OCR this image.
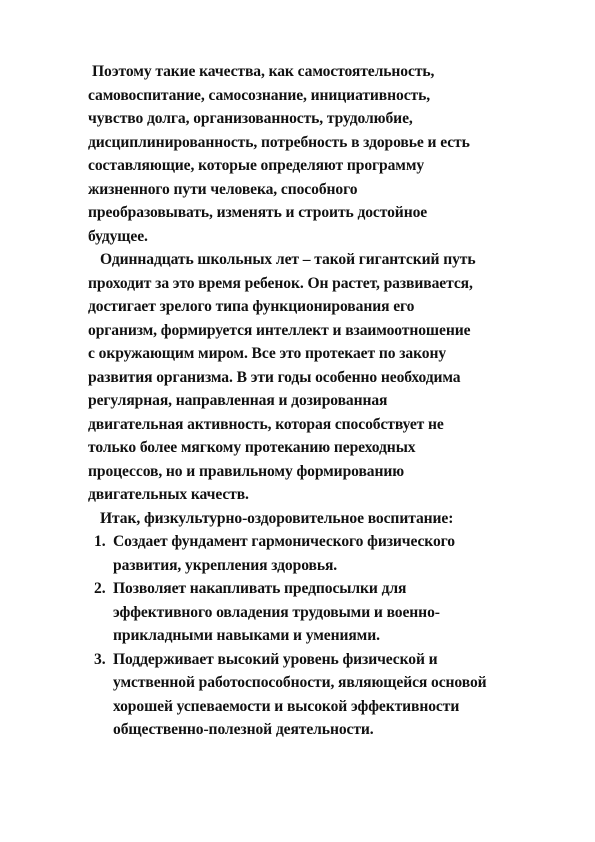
Поэтому такие качества, как самостоятельность,
самовоспитание, самосознание, инициативность,
чувство долга, организованность, трудолюбие,
дисциплинированность, потребность в здоровье и есть
составляющие, которые определяют программу
жизненного пути человека, способного
преобразовывать, изменять и строить достойное
будущее.
Одиннадцать школьных лет – такой гигантский путь
проходит за это время ребенок. Он растет, развивается,
достигает зрелого типа функционирования его
организм, формируется интеллект и взаимоотношение
с окружающим миром. Все это протекает по закону
развития организма. В эти годы особенно необходима
регулярная, направленная и дозированная
двигательная активность, которая способствует не
только более мягкому протеканию переходных
процессов, но и правильному формированию
двигательных качеств.
Итак, физкультурно-оздоровительное воспитание:
1. Создает фундамент гармонического физического
развития, укрепления здоровья.
2. Позволяет накапливать предпосылки для
эффективного овладения трудовыми и военно-
прикладными навыками и умениями.
3. Поддерживает высокий уровень физической и
умственной работоспособности, являющейся основой
хорошей успеваемости и высокой эффективности
общественно-полезной деятельности.
